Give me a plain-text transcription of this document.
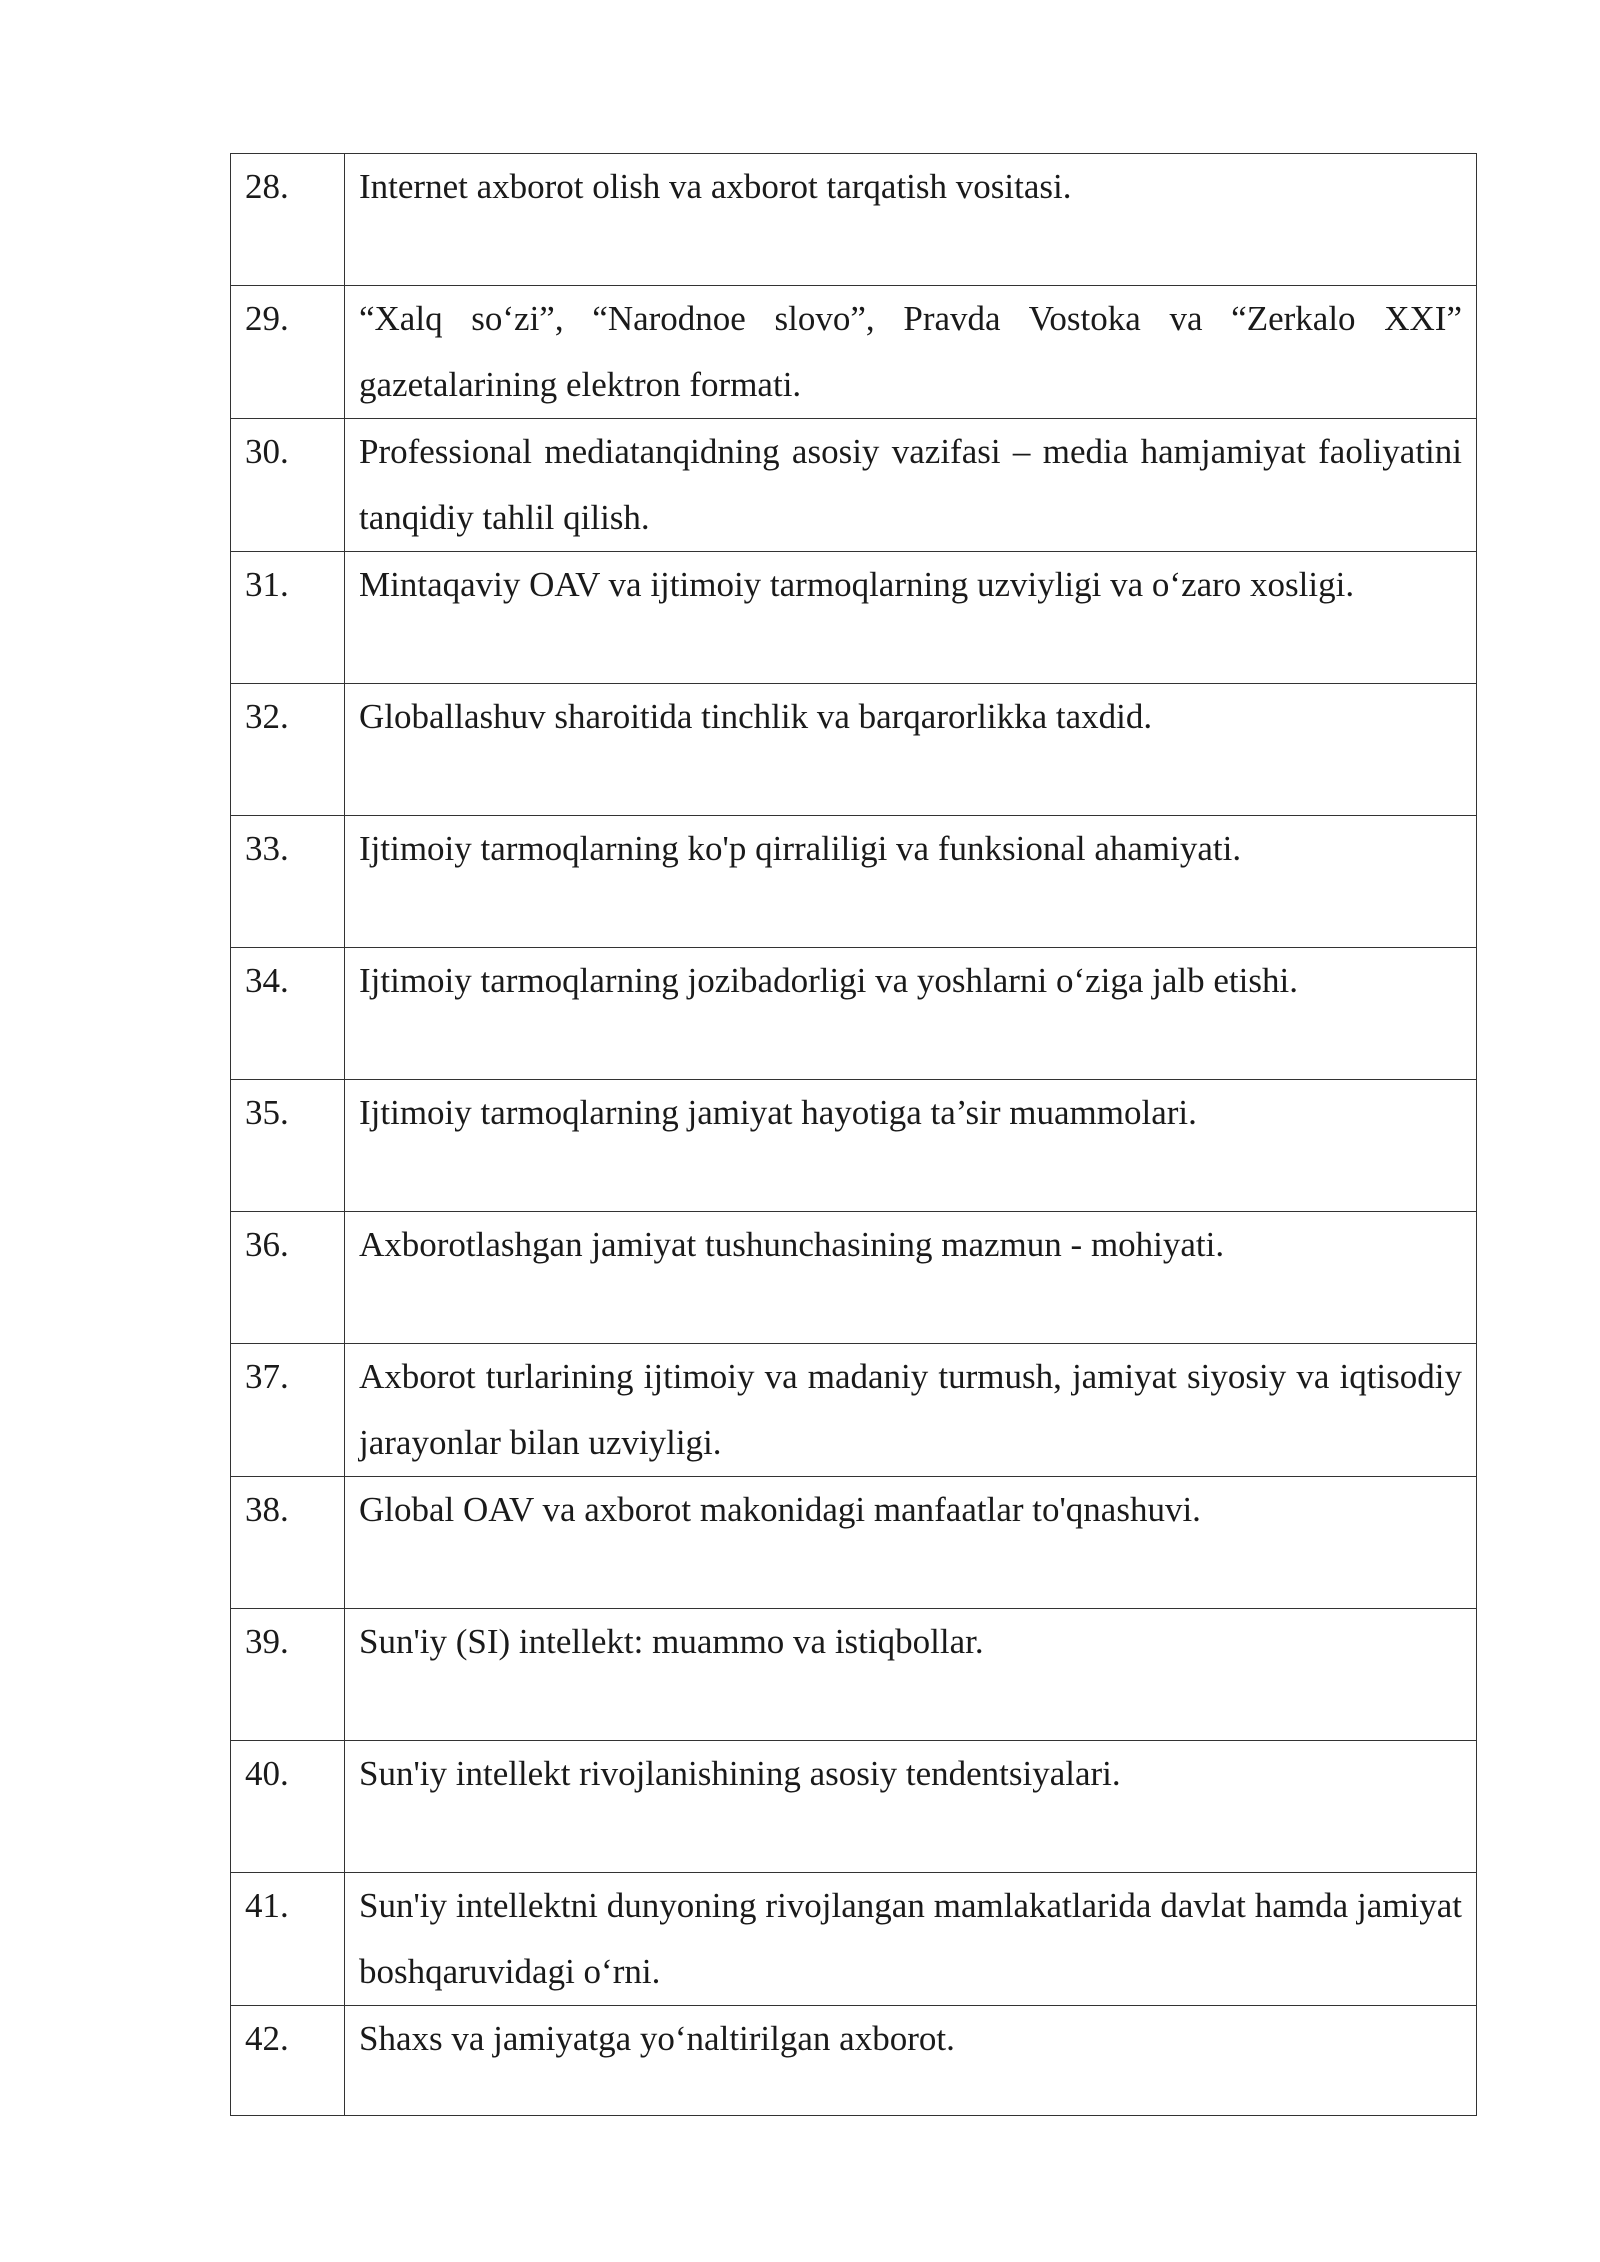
28.	Internet axborot olish va axborot tarqatish vositasi.
29.	“Xalq so‘zi”, “Narodnoe slovo”, Pravda Vostoka va “Zerkalo XXI” gazetalarining elektron formati.
30.	Professional mediatanqidning asosiy vazifasi – media hamjamiyat faoliyatini tanqidiy tahlil qilish.
31.	Mintaqaviy OAV va ijtimoiy tarmoqlarning uzviyligi va o‘zaro xosligi.
32.	Globallashuv sharoitida tinchlik va barqarorlikka taxdid.
33.	Ijtimoiy tarmoqlarning ko'p qirraliligi va funksional ahamiyati.
34.	Ijtimoiy tarmoqlarning jozibadorligi va yoshlarni o‘ziga jalb etishi.
35.	Ijtimoiy tarmoqlarning jamiyat hayotiga ta’sir muammolari.
36.	Axborotlashgan jamiyat tushunchasining mazmun - mohiyati.
37.	Axborot turlarining ijtimoiy va madaniy turmush, jamiyat siyosiy va iqtisodiy jarayonlar bilan uzviyligi.
38.	Global OAV va axborot makonidagi manfaatlar to'qnashuvi.
39.	Sun'iy (SI) intellekt: muammo va istiqbollar.
40.	Sun'iy intellekt rivojlanishining asosiy tendentsiyalari.
41.	Sun'iy intellektni dunyoning rivojlangan mamlakatlarida davlat hamda jamiyat boshqaruvidagi o‘rni.
42.	Shaxs va jamiyatga yo‘naltirilgan axborot.
